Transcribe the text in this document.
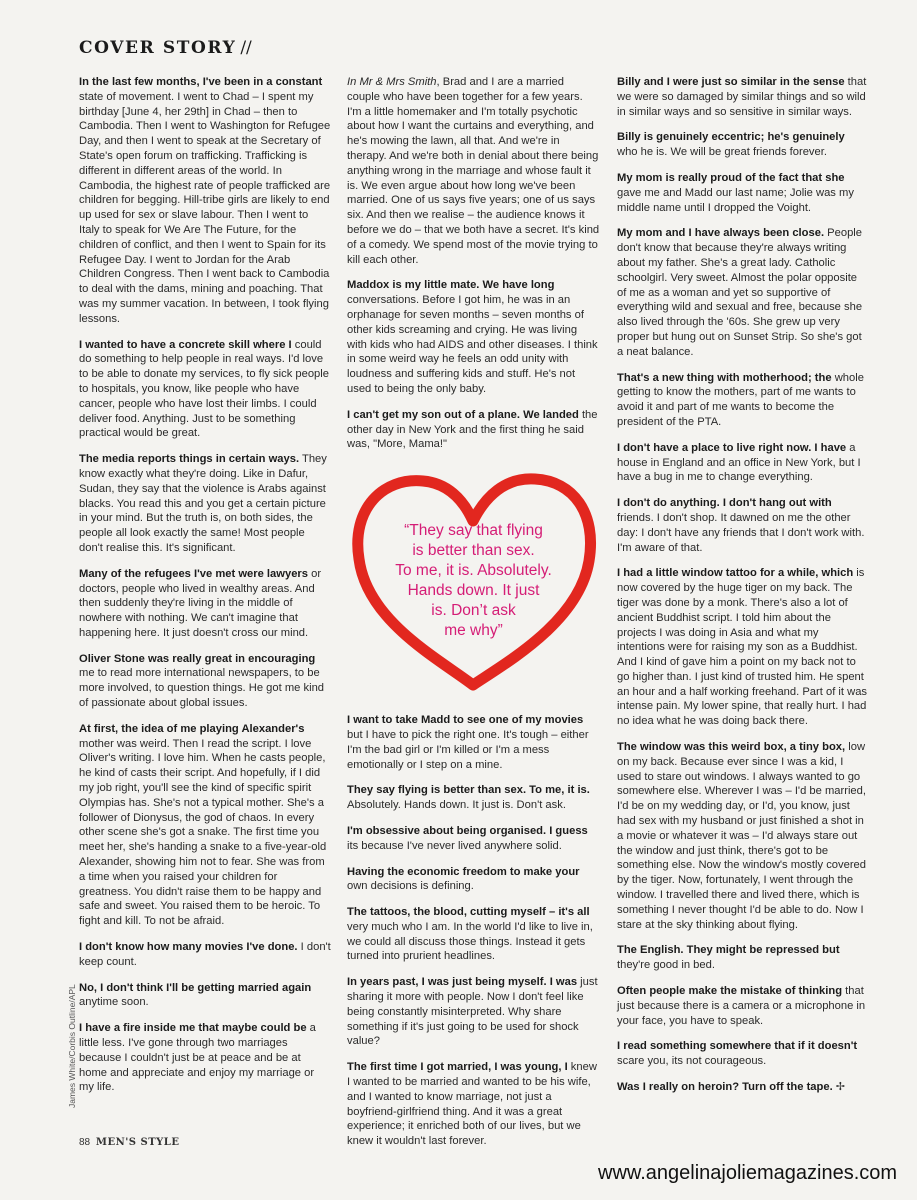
COVER STORY //

In the last few months, I've been in a constant state of movement. I went to Chad – I spent my birthday [June 4, her 29th] in Chad – then to Cambodia. Then I went to Washington for Refugee Day, and then I went to speak at the Secretary of State's open forum on trafficking. Trafficking is different in different areas of the world. In Cambodia, the highest rate of people trafficked are children for begging. Hill-tribe girls are likely to end up used for sex or slave labour. Then I went to Italy to speak for We Are The Future, for the children of conflict, and then I went to Spain for its Refugee Day. I went to Jordan for the Arab Children Congress. Then I went back to Cambodia to deal with the dams, mining and poaching. That was my summer vacation. In between, I took flying lessons.

I wanted to have a concrete skill where I could do something to help people in real ways. I'd love to be able to donate my services, to fly sick people to hospitals, you know, like people who have cancer, people who have lost their limbs. I could deliver food. Anything. Just to be something practical would be great.

The media reports things in certain ways. They know exactly what they're doing. Like in Dafur, Sudan, they say that the violence is Arabs against blacks. You read this and you get a certain picture in your mind. But the truth is, on both sides, the people all look exactly the same! Most people don't realise this. It's significant.

Many of the refugees I've met were lawyers or doctors, people who lived in wealthy areas. And then suddenly they're living in the middle of nowhere with nothing. We can't imagine that happening here. It just doesn't cross our mind.

Oliver Stone was really great in encouraging me to read more international newspapers, to be more involved, to question things. He got me kind of passionate about global issues.

At first, the idea of me playing Alexander's mother was weird. Then I read the script. I love Oliver's writing. I love him. When he casts people, he kind of casts their script. And hopefully, if I did my job right, you'll see the kind of specific spirit Olympias has. She's not a typical mother. She's a follower of Dionysus, the god of chaos. In every other scene she's got a snake. The first time you meet her, she's handing a snake to a five-year-old Alexander, showing him not to fear. She was from a time when you raised your children for greatness. You didn't raise them to be happy and safe and sweet. You raised them to be heroic. To fight and kill. To not be afraid.

I don't know how many movies I've done. I don't keep count.

No, I don't think I'll be getting married again anytime soon.

I have a fire inside me that maybe could be a little less. I've gone through two marriages because I couldn't just be at peace and be at home and appreciate and enjoy my marriage or my life.

In Mr & Mrs Smith, Brad and I are a married couple who have been together for a few years. I'm a little homemaker and I'm totally psychotic about how I want the curtains and everything, and he's mowing the lawn, all that. And we're in therapy. And we're both in denial about there being anything wrong in the marriage and whose fault it is. We even argue about how long we've been married. One of us says five years; one of us says six. And then we realise – the audience knows it before we do – that we both have a secret. It's kind of a comedy. We spend most of the movie trying to kill each other.

Maddox is my little mate. We have long conversations. Before I got him, he was in an orphanage for seven months – seven months of other kids screaming and crying. He was living with kids who had AIDS and other diseases. I think in some weird way he feels an odd unity with loudness and suffering kids and stuff. He's not used to being the only baby.

I can't get my son out of a plane. We landed the other day in New York and the first thing he said was, "More, Mama!"

“They say that flying
is better than sex.
To me, it is. Absolutely.
Hands down. It just
is. Don’t ask
me why”

I want to take Madd to see one of my movies but I have to pick the right one. It's tough – either I'm the bad girl or I'm killed or I'm a mess emotionally or I step on a mine.

They say flying is better than sex. To me, it is. Absolutely. Hands down. It just is. Don't ask.

I'm obsessive about being organised. I guess its because I've never lived anywhere solid.

Having the economic freedom to make your own decisions is defining.

The tattoos, the blood, cutting myself – it's all very much who I am. In the world I'd like to live in, we could all discuss those things. Instead it gets turned into prurient headlines.

In years past, I was just being myself. I was just sharing it more with people. Now I don't feel like being constantly misinterpreted. Why share something if it's just going to be used for shock value?

The first time I got married, I was young, I knew I wanted to be married and wanted to be his wife, and I wanted to know marriage, not just a boyfriend-girlfriend thing. And it was a great experience; it enriched both of our lives, but we knew it wouldn't last forever.

Billy and I were just so similar in the sense that we were so damaged by similar things and so wild in similar ways and so sensitive in similar ways.

Billy is genuinely eccentric; he's genuinely who he is. We will be great friends forever.

My mom is really proud of the fact that she gave me and Madd our last name; Jolie was my middle name until I dropped the Voight.

My mom and I have always been close. People don't know that because they're always writing about my father. She's a great lady. Catholic schoolgirl. Very sweet. Almost the polar opposite of me as a woman and yet so supportive of everything wild and sexual and free, because she also lived through the '60s. She grew up very proper but hung out on Sunset Strip. So she's got a neat balance.

That's a new thing with motherhood; the whole getting to know the mothers, part of me wants to avoid it and part of me wants to become the president of the PTA.

I don't have a place to live right now. I have a house in England and an office in New York, but I have a bug in me to change everything.

I don't do anything. I don't hang out with friends. I don't shop. It dawned on me the other day: I don't have any friends that I don't work with. I'm aware of that.

I had a little window tattoo for a while, which is now covered by the huge tiger on my back. The tiger was done by a monk. There's also a lot of ancient Buddhist script. I told him about the projects I was doing in Asia and what my intentions were for raising my son as a Buddhist. And I kind of gave him a point on my back not to go higher than. I just kind of trusted him. He spent an hour and a half working freehand. Part of it was intense pain. My lower spine, that really hurt. I had no idea what he was doing back there.

The window was this weird box, a tiny box, low on my back. Because ever since I was a kid, I used to stare out windows. I always wanted to go somewhere else. Wherever I was – I'd be married, I'd be on my wedding day, or I'd, you know, just had sex with my husband or just finished a shot in a movie or whatever it was – I'd always stare out the window and just think, there's got to be something else. Now the window's mostly covered by the tiger. Now, fortunately, I went through the window. I travelled there and lived there, which is something I never thought I'd be able to do. Now I stare at the sky thinking about flying.

The English. They might be repressed but they're good in bed.

Often people make the mistake of thinking that just because there is a camera or a microphone in your face, you have to speak.

I read something somewhere that if it doesn't scare you, its not courageous.

Was I really on heroin? Turn off the tape. ✢

James White/Corbis Outline/APL
88 MEN'S STYLE
www.angelinajoliemagazines.com
